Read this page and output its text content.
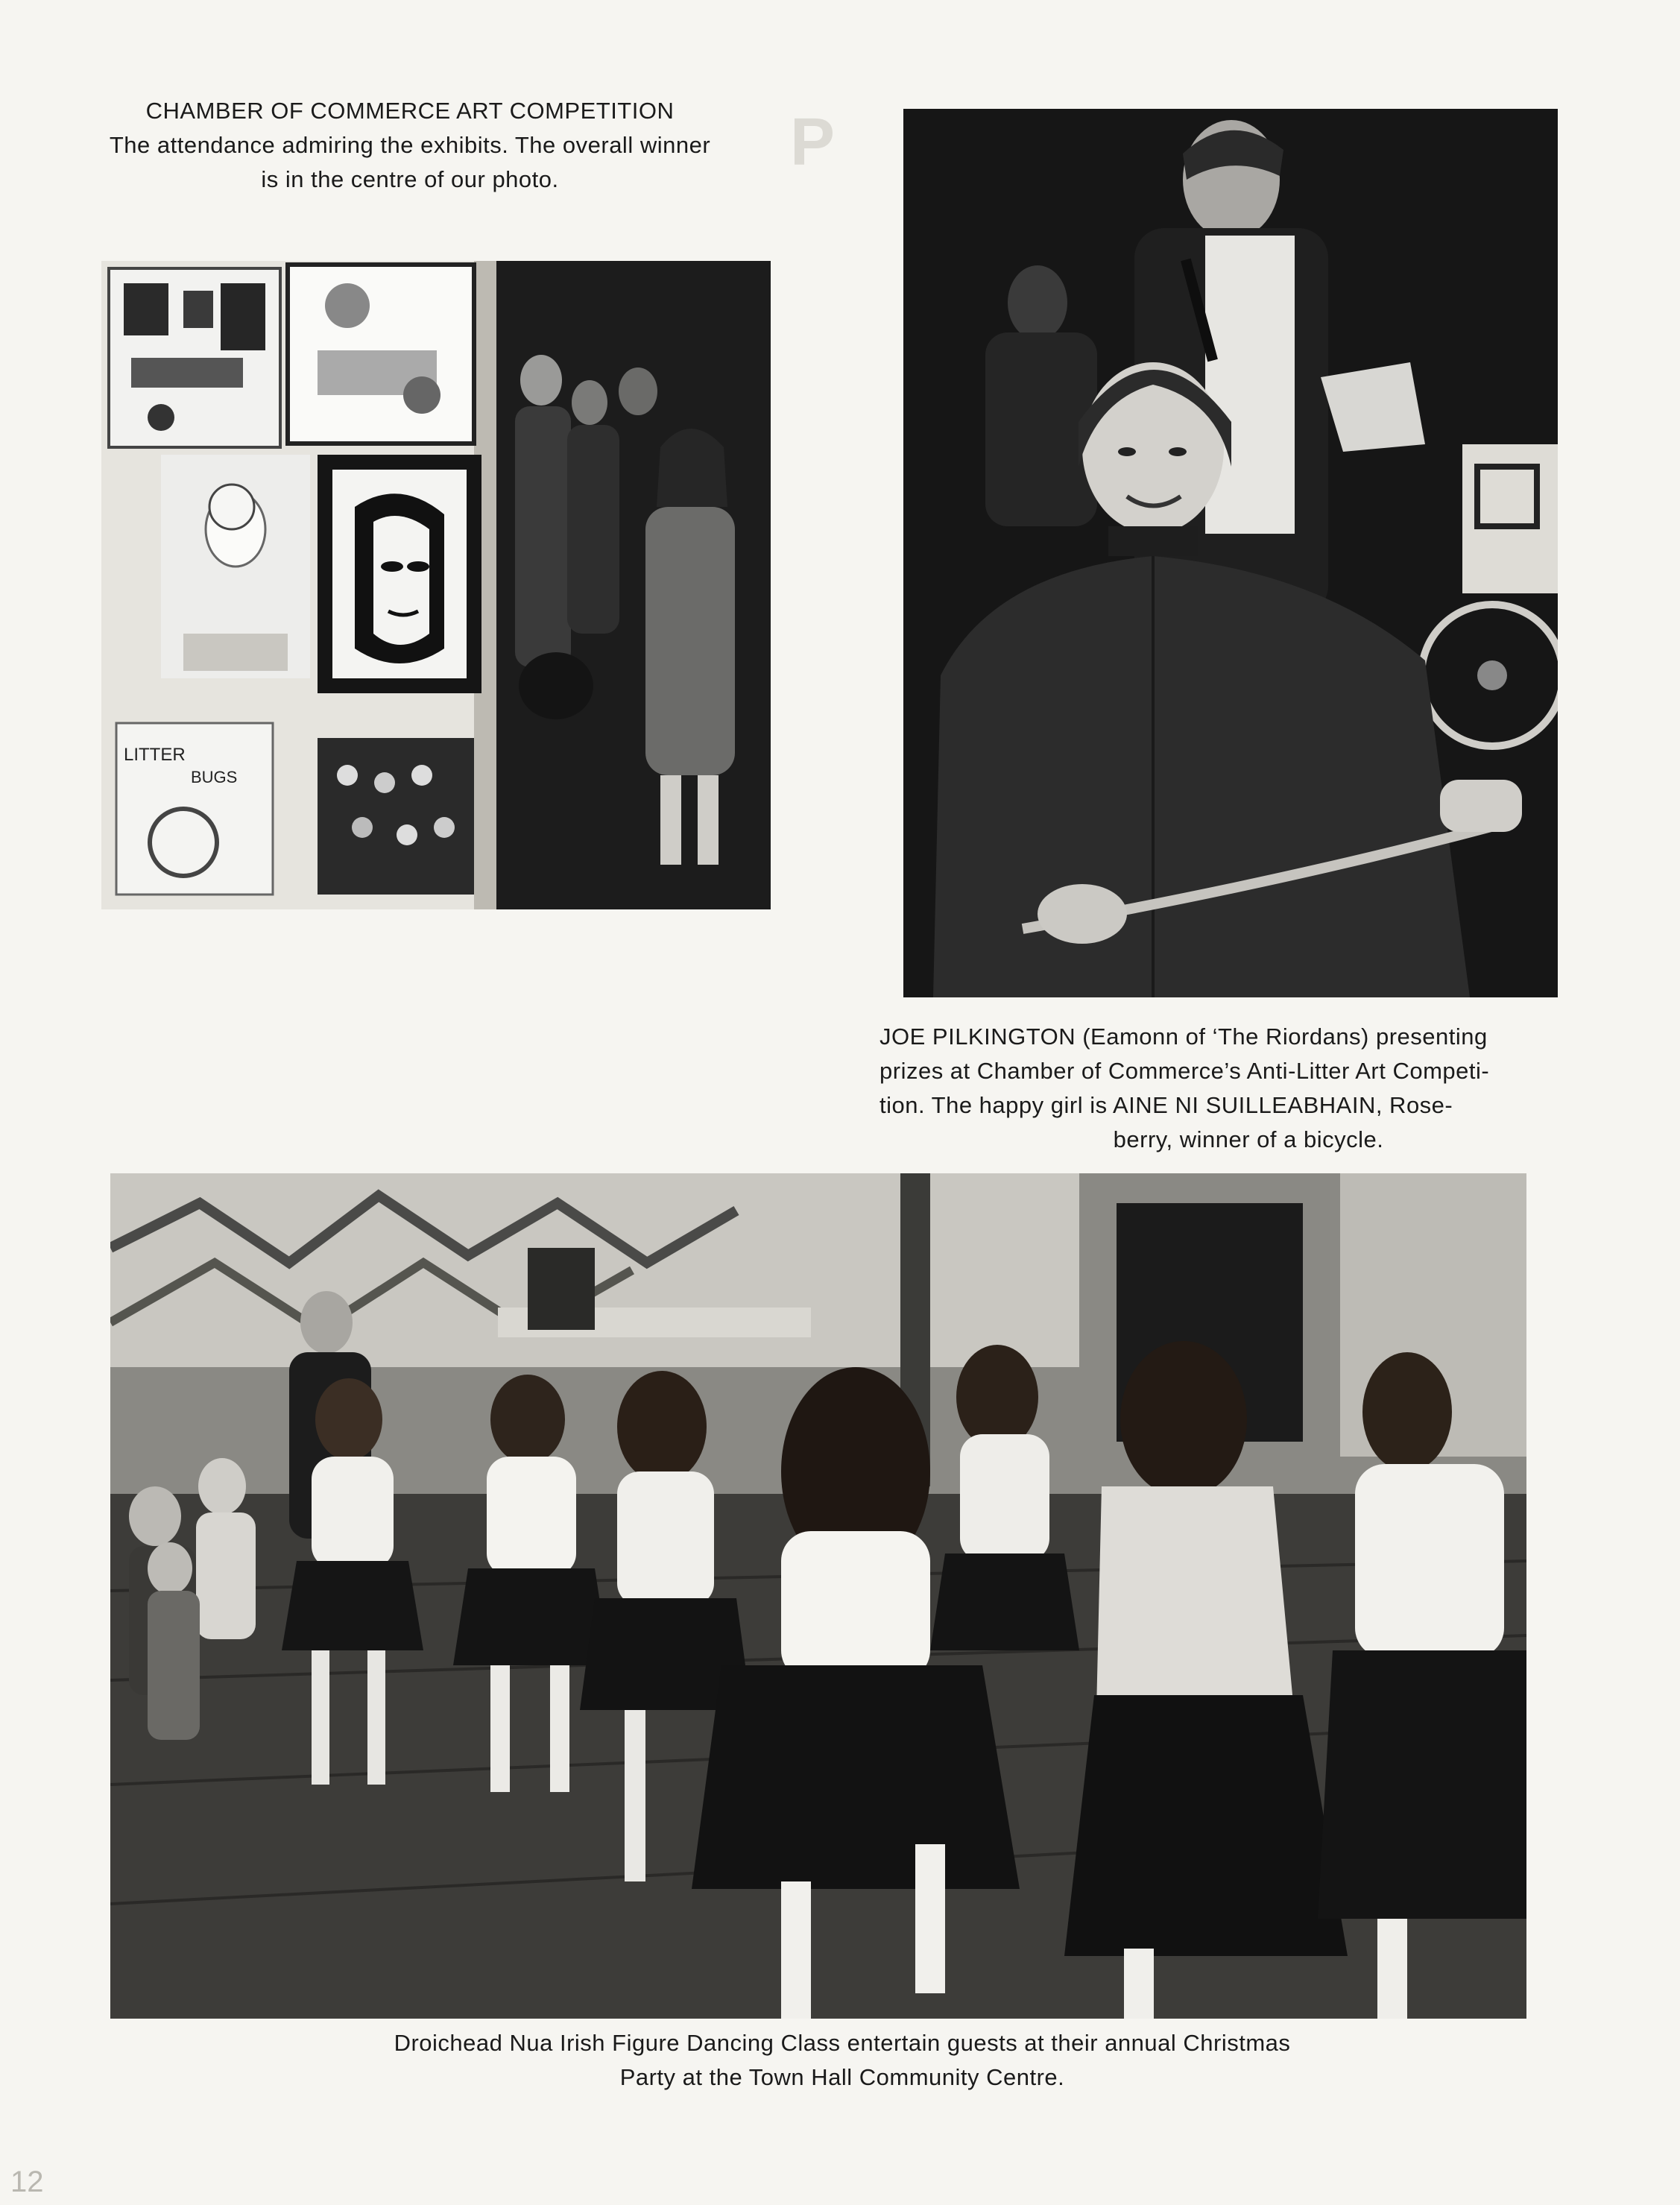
P
CHAMBER OF COMMERCE ART COMPETITION
The attendance admiring the exhibits. The overall winner
is in the centre of our photo.
LITTER
BUGS
JOE PILKINGTON (Eamonn of ‘The Riordans) presenting
prizes at Chamber of Commerce’s Anti-Litter Art Competi-
tion. The happy girl is AINE NI SUILLEABHAIN, Rose-
berry, winner of a bicycle.
Droichead Nua Irish Figure Dancing Class entertain guests at their annual Christmas
Party at the Town Hall Community Centre.
12
